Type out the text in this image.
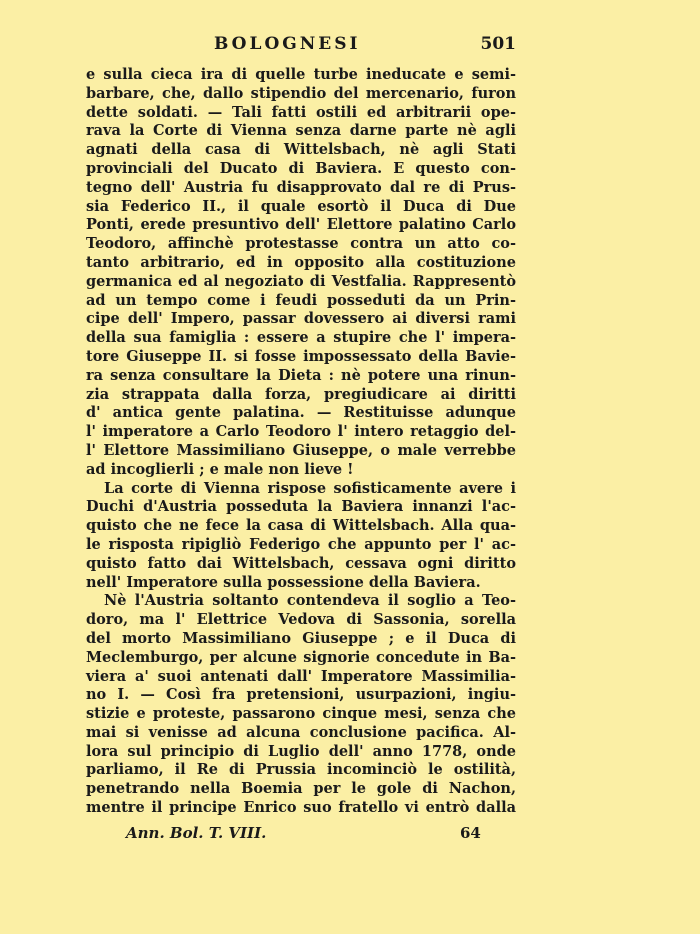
BOLOGNESI	501
e sulla cieca ira di quelle turbe ineducate e semi-
barbare, che, dallo stipendio del mercenario, furon
dette soldati. — Tali fatti ostili ed arbitrarii ope-
rava la Corte di Vienna senza darne parte nè agli
agnati della casa di Wittelsbach, nè agli Stati
provinciali del Ducato di Baviera. E questo con-
tegno dell' Austria fu disapprovato dal re di Prus-
sia Federico II., il quale esortò il Duca di Due
Ponti, erede presuntivo dell' Elettore palatino Carlo
Teodoro, affinchè protestasse contra un atto co-
tanto arbitrario, ed in opposito alla costituzione
germanica ed al negoziato di Vestfalia. Rappresentò
ad un tempo come i feudi posseduti da un Prin-
cipe dell' Impero, passar dovessero ai diversi rami
della sua famiglia : essere a stupire che l' impera-
tore Giuseppe II. si fosse impossessato della Bavie-
ra senza consultare la Dieta : nè potere una rinun-
zia strappata dalla forza, pregiudicare ai diritti
d' antica gente palatina. — Restituisse adunque
l' imperatore a Carlo Teodoro l' intero retaggio del-
l' Elettore Massimiliano Giuseppe, o male verrebbe
ad incoglierli ; e male non lieve !
La corte di Vienna rispose sofisticamente avere i
Duchi d'Austria posseduta la Baviera innanzi l'ac-
quisto che ne fece la casa di Wittelsbach. Alla qua-
le risposta ripigliò Federigo che appunto per l' ac-
quisto fatto dai Wittelsbach, cessava ogni diritto
nell' Imperatore sulla possessione della Baviera.
Nè l'Austria soltanto contendeva il soglio a Teo-
doro, ma l' Elettrice Vedova di Sassonia, sorella
del morto Massimiliano Giuseppe ; e il Duca di
Meclemburgo, per alcune signorie concedute in Ba-
viera a' suoi antenati dall' Imperatore Massimilia-
no I. — Così fra pretensioni, usurpazioni, ingiu-
stizie e proteste, passarono cinque mesi, senza che
mai si venisse ad alcuna conclusione pacifica. Al-
lora sul principio di Luglio dell' anno 1778, onde
parliamo, il Re di Prussia incominciò le ostilità,
penetrando nella Boemia per le gole di Nachon,
mentre il principe Enrico suo fratello vi entrò dalla
Ann. Bol. T. VIII.	64
